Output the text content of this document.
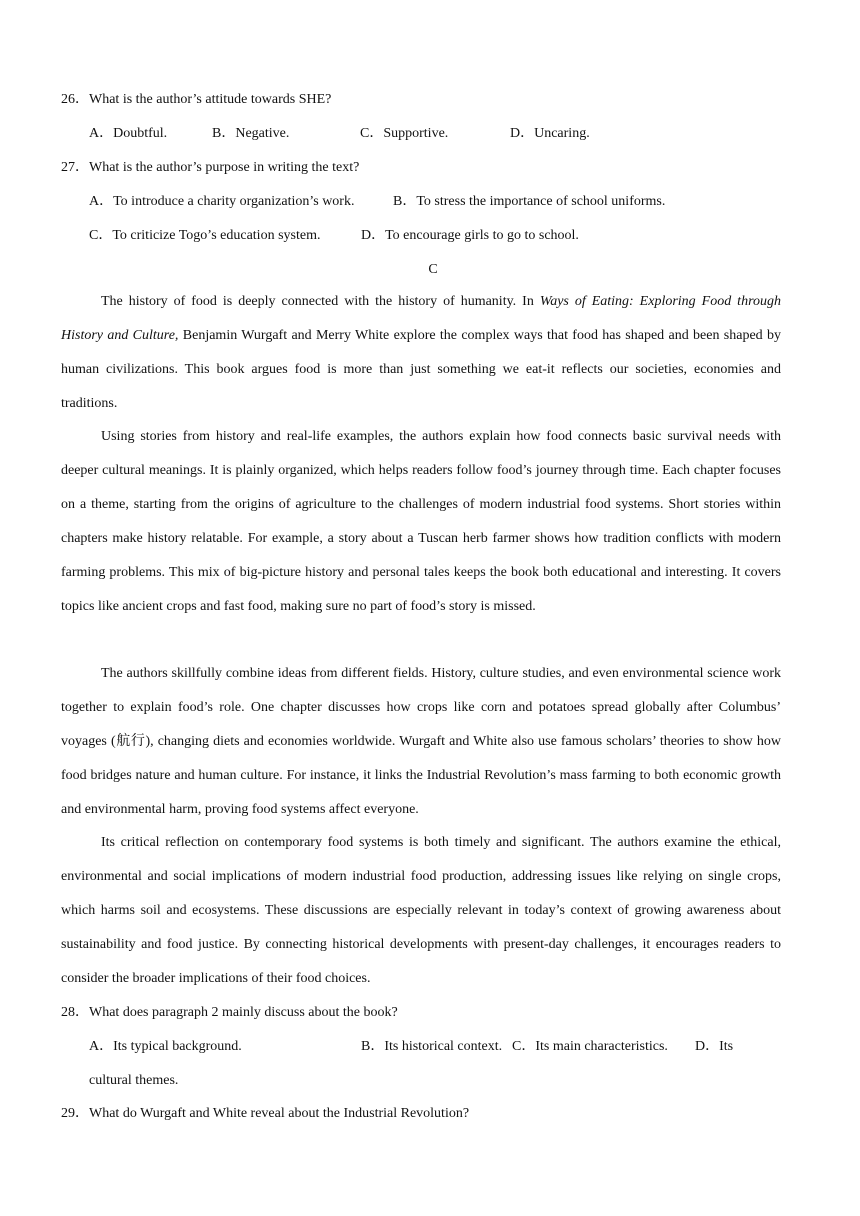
26．What is the author’s attitude towards SHE?
A．Doubtful.	B．Negative.	C．Supportive.	D．Uncaring.
27．What is the author’s purpose in writing the text?
A．To introduce a charity organization’s work.	B．To stress the importance of school uniforms.
C．To criticize Togo’s education system.	D．To encourage girls to go to school.
C

The history of food is deeply connected with the history of humanity. In Ways of Eating: Exploring Food through History and Culture, Benjamin Wurgaft and Merry White explore the complex ways that food has shaped and been shaped by human civilizations. This book argues food is more than just something we eat-it reflects our societies, economies and traditions.

Using stories from history and real-life examples, the authors explain how food connects basic survival needs with deeper cultural meanings. It is plainly organized, which helps readers follow food’s journey through time. Each chapter focuses on a theme, starting from the origins of agriculture to the challenges of modern industrial food systems. Short stories within chapters make history relatable. For example, a story about a Tuscan herb farmer shows how tradition conflicts with modern farming problems. This mix of big-picture history and personal tales keeps the book both educational and interesting. It covers topics like ancient crops and fast food, making sure no part of food’s story is missed.

The authors skillfully combine ideas from different fields. History, culture studies, and even environmental science work together to explain food’s role. One chapter discusses how crops like corn and potatoes spread globally after Columbus’ voyages (航行), changing diets and economies worldwide. Wurgaft and White also use famous scholars’ theories to show how food bridges nature and human culture. For instance, it links the Industrial Revolution’s mass farming to both economic growth and environmental harm, proving food systems affect everyone.

Its critical reflection on contemporary food systems is both timely and significant. The authors examine the ethical, environmental and social implications of modern industrial food production, addressing issues like relying on single crops, which harms soil and ecosystems. These discussions are especially relevant in today’s context of growing awareness about sustainability and food justice. By connecting historical developments with present-day challenges, it encourages readers to consider the broader implications of their food choices.

28．What does paragraph 2 mainly discuss about the book?
A．Its typical background.	B．Its historical context. C．Its main characteristics. D．Its
cultural themes.
29．What do Wurgaft and White reveal about the Industrial Revolution?
